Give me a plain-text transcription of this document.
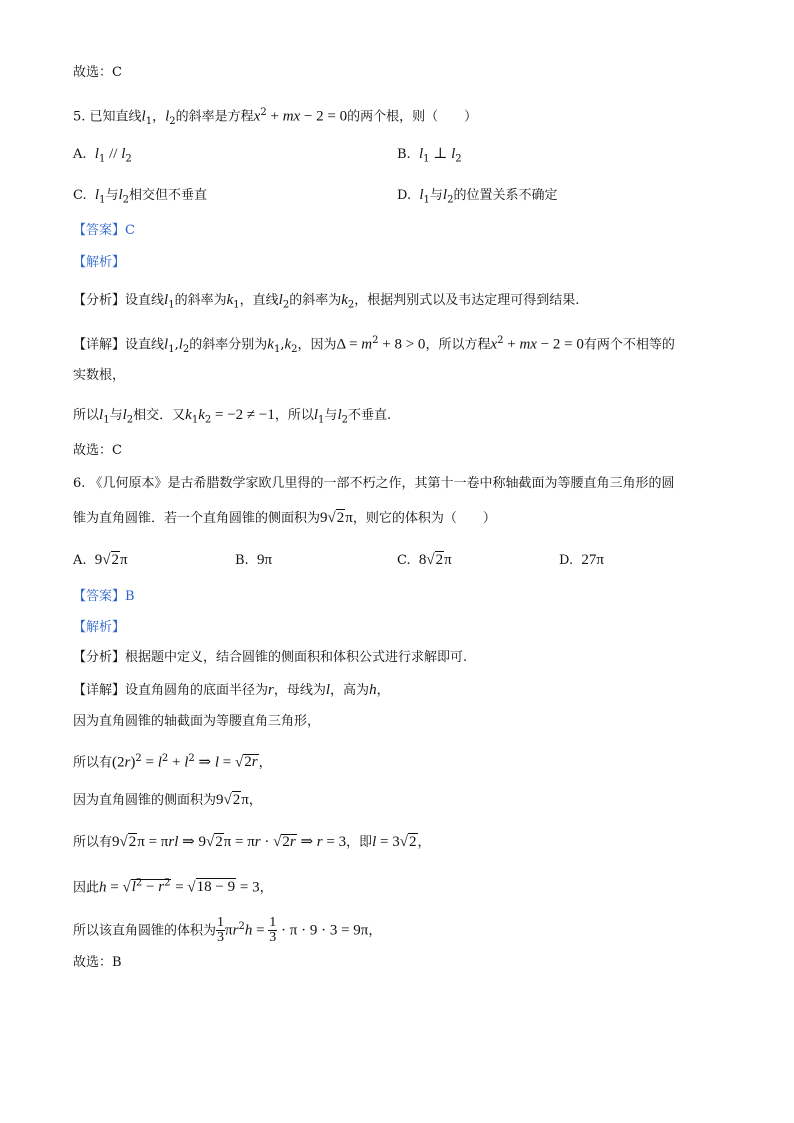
故选：C
5. 已知直线$l_1$，$l_2$的斜率是方程$x^2$ + mx − 2 = 0的两个根，则（　　）
A. $l_1 // l_2$	B. $l_1$ ⊥ $l_2$
C. $l_1$与$l_2$相交但不垂直	D. $l_1$与$l_2$的位置关系不确定
【答案】C
【解析】
【分析】设直线$l_1$的斜率为$k_1$，直线$l_2$的斜率为$k_2$，根据判别式以及韦达定理可得到结果.
【详解】设直线$l_1,l_2$的斜率分别为$k_1,k_2$，因为$\Delta = m^2 + 8 > 0$，所以方程$x^2$ + mx − 2 = 0有两个不相等的
实数根，
所以$l_1$与$l_2$相交．又$k_1k_2 = -2 \ne -1$，所以$l_1$与$l_2$不垂直.
故选：C
6. 《几何原本》是古希腊数学家欧几里得的一部不朽之作，其第十一卷中称轴截面为等腰直角三角形的圆
锥为直角圆锥．若一个直角圆锥的侧面积为9√2π，则它的体积为（　　）
A. 9√2π	B. 9π	C. 8√2π	D. 27π
【答案】B
【解析】
【分析】根据题中定义，结合圆锥的侧面积和体积公式进行求解即可.
【详解】设直角圆角的底面半径为r，母线为l，高为h，
因为直角圆锥的轴截面为等腰直角三角形，
所以有$(2r)^2 = l^2 + l^2$ ⇒ l = √2r，
因为直角圆锥的侧面积为9√2π，
所以有9√2π = πrl ⇒ 9√2π = πr · √2r ⇒ r = 3，即l = 3√2，
因此$h = √l^2 - r^2 = √18 - 9 = 3$，
所以该直角圆锥的体积为 $\frac{1}{3} \pi r^2h = \frac{1}{3} \cdot \pi \cdot 9 \cdot 3 = 9\pi$，
故选：B
